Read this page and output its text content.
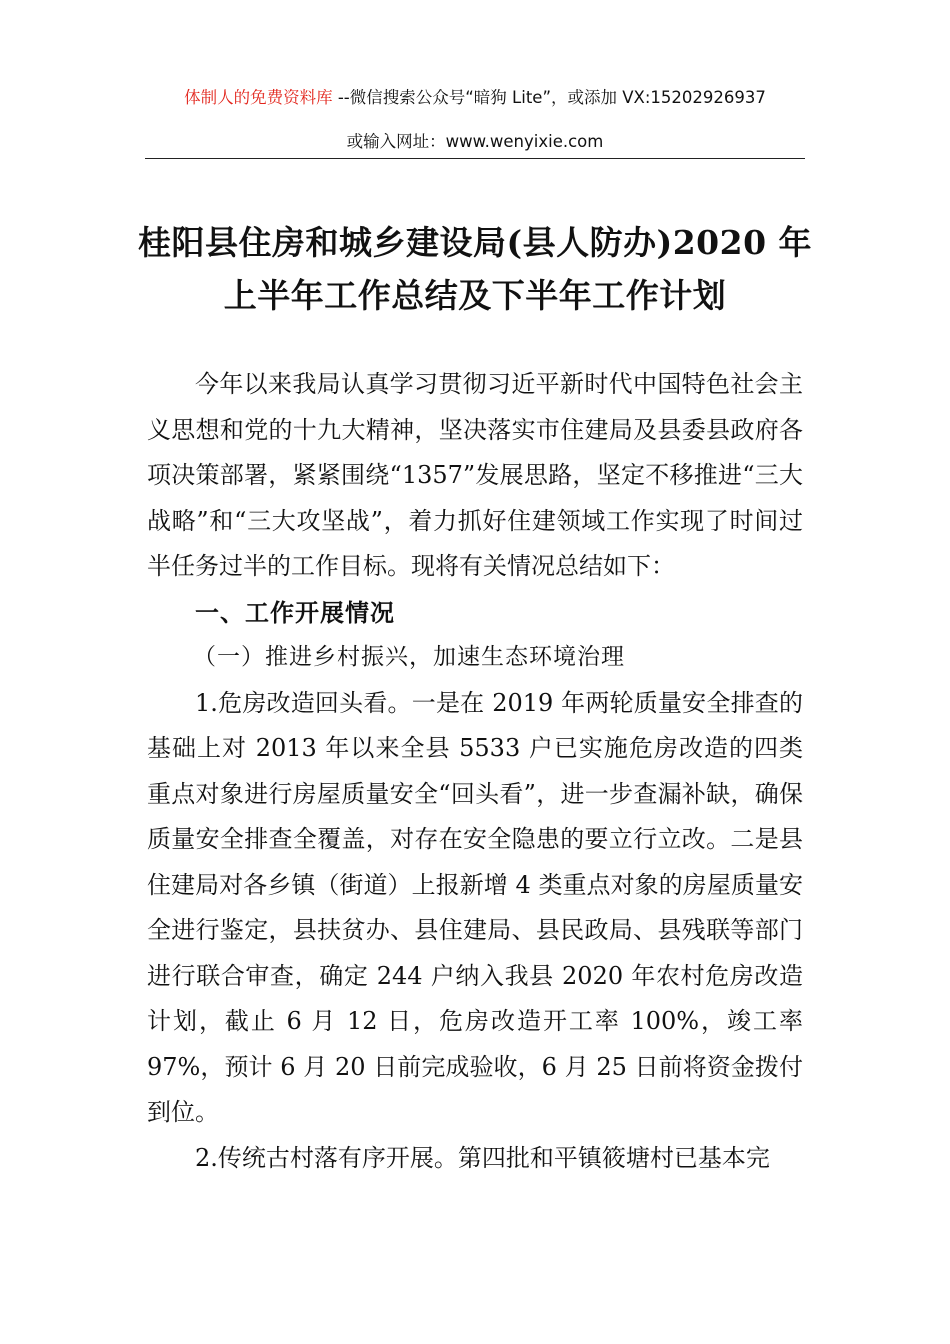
体制人的免费资料库 --微信搜索公众号“暗狗 Lite”，或添加 VX:15202926937
或输入网址：www.wenyixie.com
桂阳县住房和城乡建设局(县人防办)2020 年
上半年工作总结及下半年工作计划

今年以来我局认真学习贯彻习近平新时代中国特色社会主义思想和党的十九大精神，坚决落实市住建局及县委县政府各项决策部署，紧紧围绕“1357”发展思路，坚定不移推进“三大战略”和“三大攻坚战”，着力抓好住建领域工作实现了时间过半任务过半的工作目标。现将有关情况总结如下：

一、工作开展情况

（一）推进乡村振兴，加速生态环境治理

1.危房改造回头看。一是在 2019 年两轮质量安全排查的基础上对 2013 年以来全县 5533 户已实施危房改造的四类重点对象进行房屋质量安全“回头看”，进一步查漏补缺，确保质量安全排查全覆盖，对存在安全隐患的要立行立改。二是县住建局对各乡镇（街道）上报新增 4 类重点对象的房屋质量安全进行鉴定，县扶贫办、县住建局、县民政局、县残联等部门进行联合审查，确定 244 户纳入我县 2020 年农村危房改造计划，截止 6 月 12 日，危房改造开工率 100%，竣工率 97%，预计 6 月 20 日前完成验收，6 月 25 日前将资金拨付到位。

2.传统古村落有序开展。第四批和平镇筱塘村已基本完
